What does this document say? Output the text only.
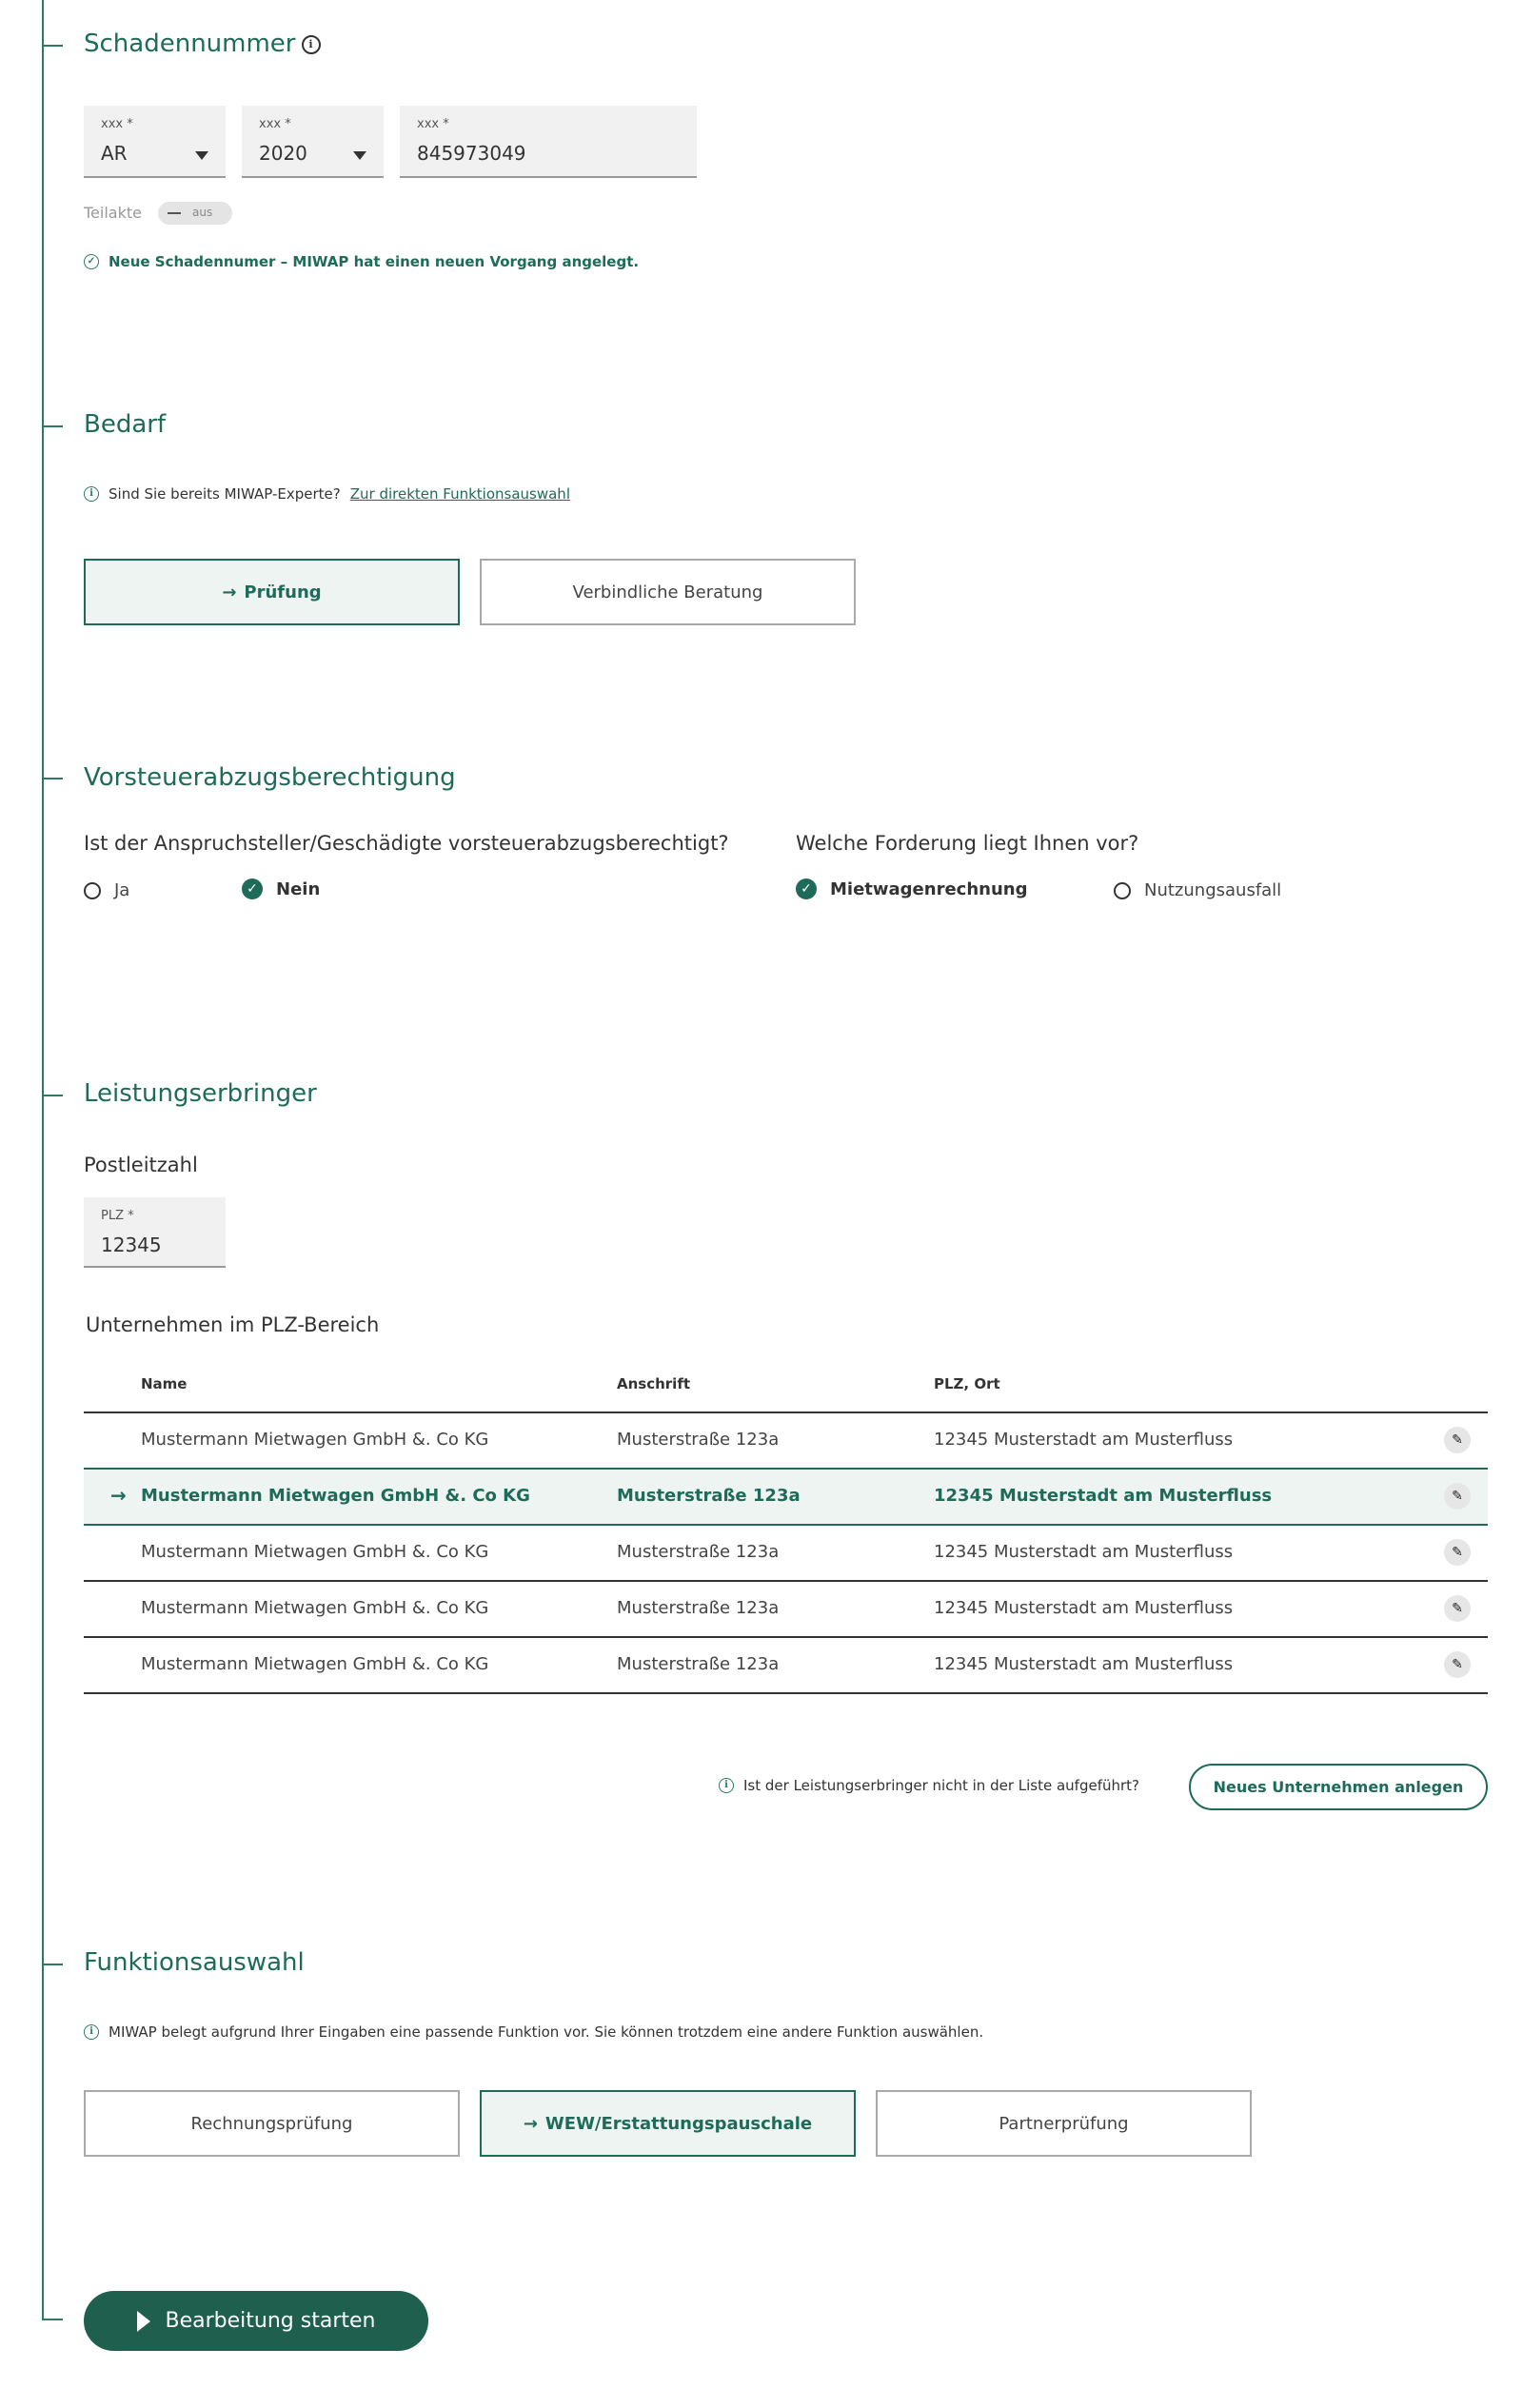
Schadennummer i
xxx *
AR
xxx *
2020
xxx *
845973049
Teilakte	aus
✓ Neue Schadennumer – MIWAP hat einen neuen Vorgang angelegt.
Bedarf
i	Sind Sie bereits MIWAP-Experte? Zur direkten Funktionsauswahl
→ Prüfung	Verbindliche Beratung
Vorsteuerabzugsberechtigung
Ist der Anspruchsteller/Geschädigte vorsteuerabzugsberechtigt?
Ja	✓ Nein
Welche Forderung liegt Ihnen vor?
✓ Mietwagenrechnung	Nutzungsausfall
Leistungserbringer
Postleitzahl
PLZ *
12345
Unternehmen im PLZ-Bereich
Name	Anschrift	PLZ, Ort
Mustermann Mietwagen GmbH &. Co KG	Musterstraße 123a	12345 Musterstadt am Musterfluss	✎
→ Mustermann Mietwagen GmbH &. Co KG	Musterstraße 123a	12345 Musterstadt am Musterfluss	✎
Mustermann Mietwagen GmbH &. Co KG	Musterstraße 123a	12345 Musterstadt am Musterfluss	✎
Mustermann Mietwagen GmbH &. Co KG	Musterstraße 123a	12345 Musterstadt am Musterfluss	✎
Mustermann Mietwagen GmbH &. Co KG	Musterstraße 123a	12345 Musterstadt am Musterfluss	✎
i	Ist der Leistungserbringer nicht in der Liste aufgeführt?	Neues Unternehmen anlegen
Funktionsauswahl
i	MIWAP belegt aufgrund Ihrer Eingaben eine passende Funktion vor. Sie können trotzdem eine andere Funktion auswählen.
Rechnungsprüfung	→ WEW/Erstattungspauschale	Partnerprüfung
Bearbeitung starten
